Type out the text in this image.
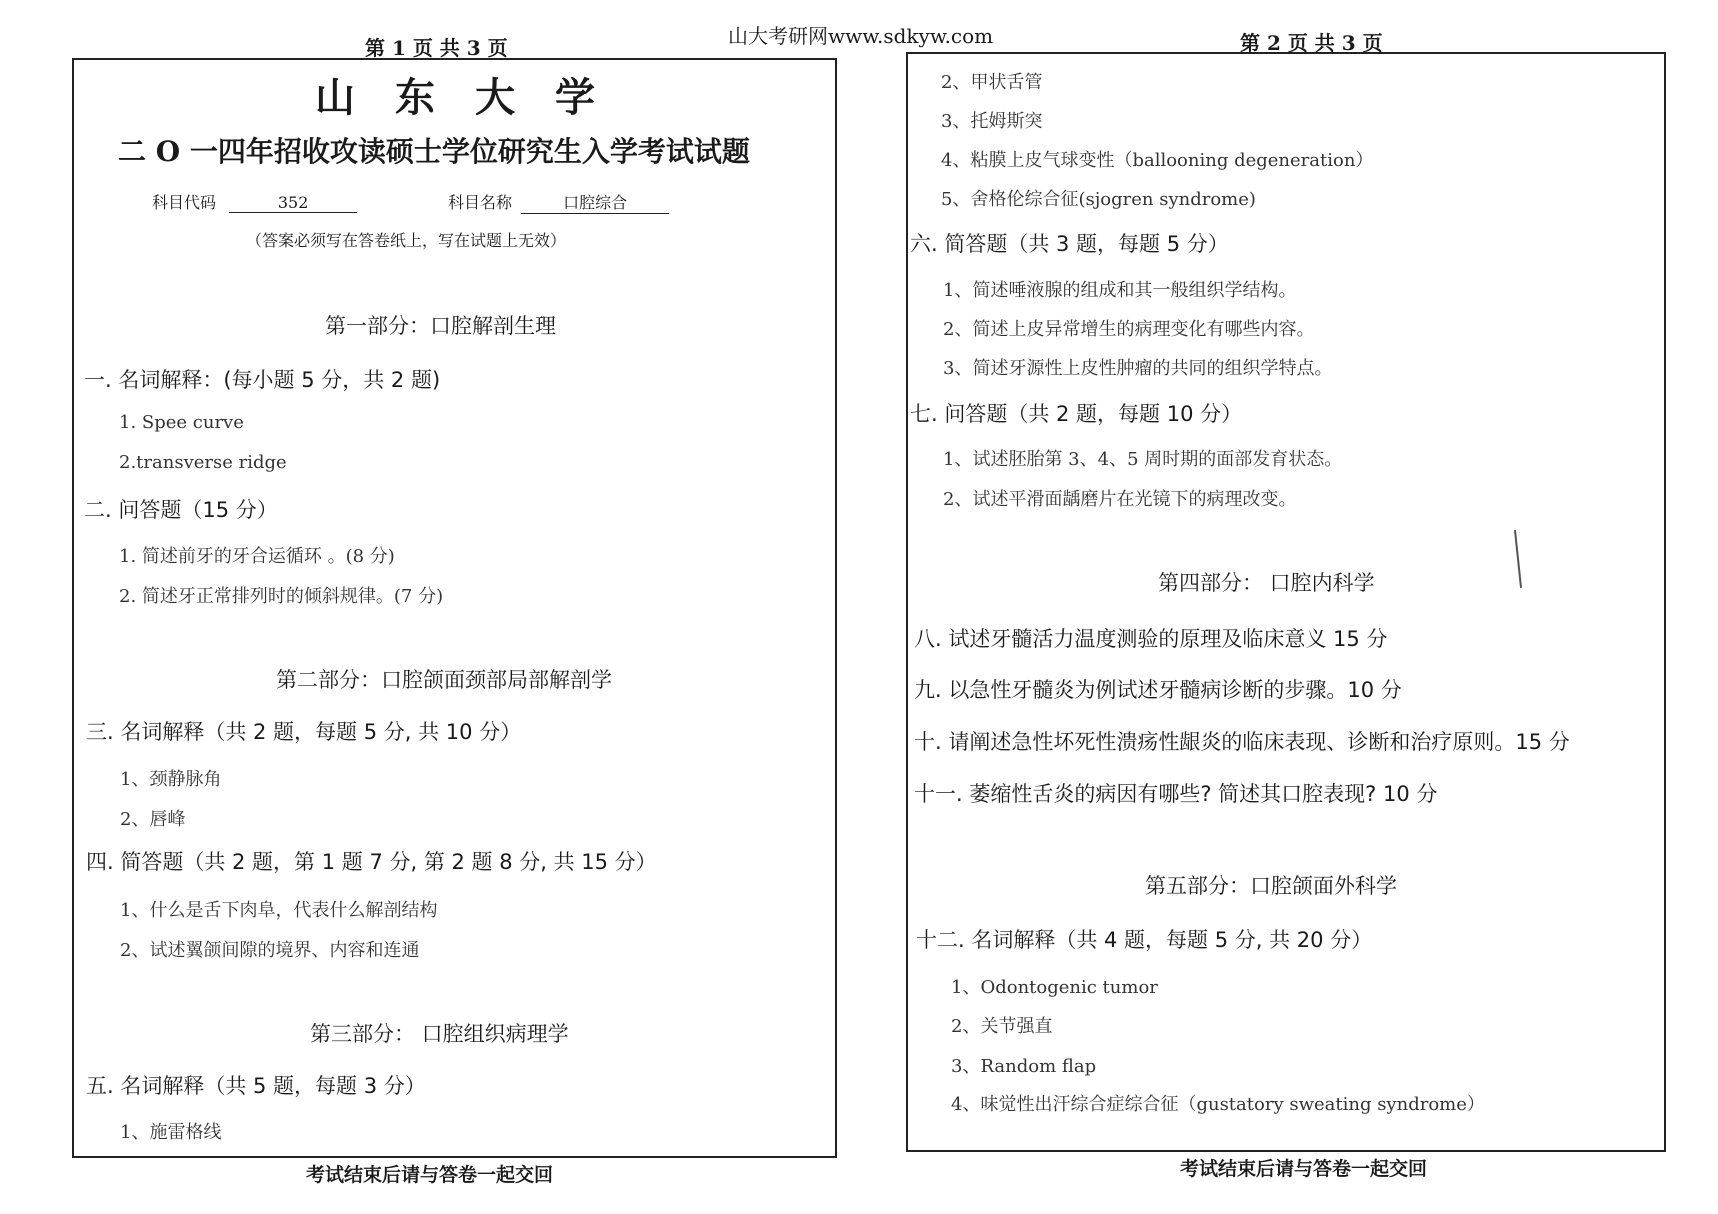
第 1 页 共 3 页	山大考研网www.sdkyw.com	第 2 页 共 3 页
山东大学
二 O 一四年招收攻读硕士学位研究生入学考试试题
科目代码	352	科目名称	口腔综合
（答案必须写在答卷纸上，写在试题上无效）
第一部分：口腔解剖生理
一. 名词解释：(每小题 5 分，共 2 题)
1. Spee curve
2.transverse ridge
二. 问答题（15 分）
1. 简述前牙的牙合运循环 。(8 分)
2. 简述牙正常排列时的倾斜规律。(7 分)
第二部分：口腔颌面颈部局部解剖学
三. 名词解释（共 2 题，每题 5 分, 共 10 分）
1、颈静脉角
2、唇峰
四. 简答题（共 2 题，第 1 题 7 分, 第 2 题 8 分, 共 15 分）
1、什么是舌下肉阜，代表什么解剖结构
2、试述翼颌间隙的境界、内容和连通
第三部分： 口腔组织病理学
五. 名词解释（共 5 题，每题 3 分）
1、施雷格线
考试结束后请与答卷一起交回
2、甲状舌管
3、托姆斯突
4、粘膜上皮气球变性（ballooning degeneration）
5、舍格伦综合征(sjogren syndrome)
六. 简答题（共 3 题，每题 5 分）
1、简述唾液腺的组成和其一般组织学结构。
2、简述上皮异常增生的病理变化有哪些内容。
3、简述牙源性上皮性肿瘤的共同的组织学特点。
七. 问答题（共 2 题，每题 10 分）
1、试述胚胎第 3、4、5 周时期的面部发育状态。
2、试述平滑面龋磨片在光镜下的病理改变。
第四部分： 口腔内科学
八. 试述牙髓活力温度测验的原理及临床意义 15 分
九. 以急性牙髓炎为例试述牙髓病诊断的步骤。10 分
十. 请阐述急性坏死性溃疡性龈炎的临床表现、诊断和治疗原则。15 分
十一. 萎缩性舌炎的病因有哪些? 简述其口腔表现? 10 分
第五部分：口腔颌面外科学
十二. 名词解释（共 4 题，每题 5 分, 共 20 分）
1、Odontogenic tumor
2、关节强直
3、Random flap
4、味觉性出汗综合症综合征（gustatory sweating syndrome）
考试结束后请与答卷一起交回
